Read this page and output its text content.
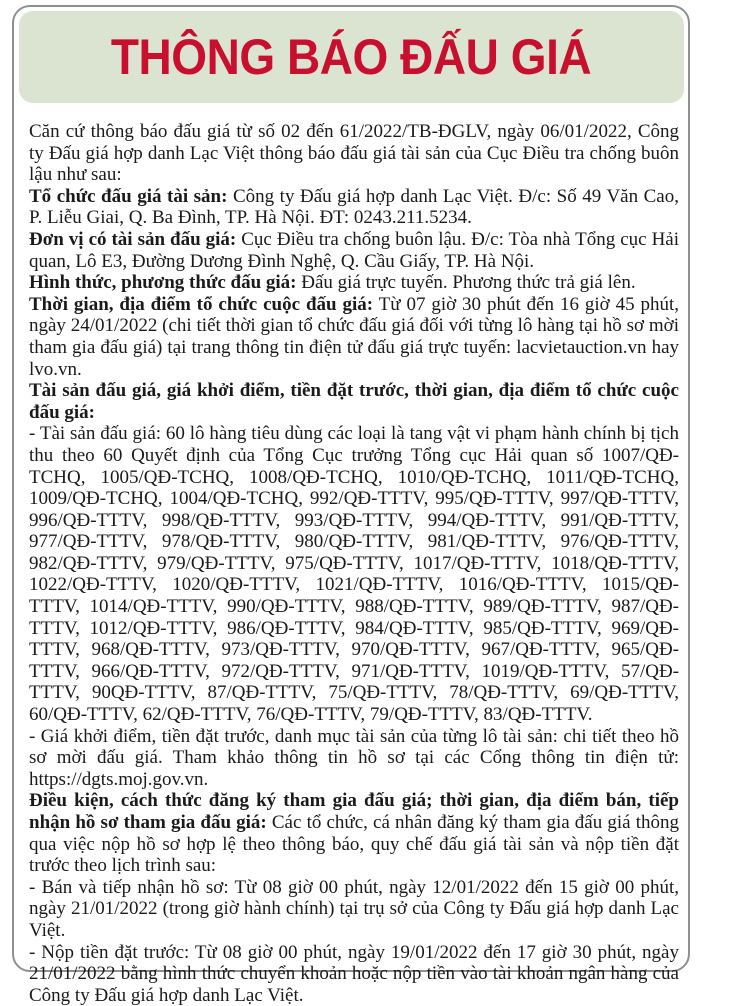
THÔNG BÁO ĐẤU GIÁ

Căn cứ thông báo đấu giá từ số 02 đến 61/2022/TB-ĐGLV, ngày 06/01/2022, Công ty Đấu giá hợp danh Lạc Việt thông báo đấu giá tài sản của Cục Điều tra chống buôn lậu như sau:

Tổ chức đấu giá tài sản: Công ty Đấu giá hợp danh Lạc Việt. Đ/c: Số 49 Văn Cao, P. Liễu Giai, Q. Ba Đình, TP. Hà Nội. ĐT: 0243.211.5234.

Đơn vị có tài sản đấu giá: Cục Điều tra chống buôn lậu. Đ/c: Tòa nhà Tổng cục Hải quan, Lô E3, Đường Dương Đình Nghệ, Q. Cầu Giấy, TP. Hà Nội.

Hình thức, phương thức đấu giá: Đấu giá trực tuyến. Phương thức trả giá lên.

Thời gian, địa điểm tổ chức cuộc đấu giá: Từ 07 giờ 30 phút đến 16 giờ 45 phút, ngày 24/01/2022 (chi tiết thời gian tổ chức đấu giá đối với từng lô hàng tại hồ sơ mời tham gia đấu giá) tại trang thông tin điện tử đấu giá trực tuyến: lacvietauction.vn hay lvo.vn.

Tài sản đấu giá, giá khởi điểm, tiền đặt trước, thời gian, địa điểm tổ chức cuộc đấu giá:

- Tài sản đấu giá: 60 lô hàng tiêu dùng các loại là tang vật vi phạm hành chính bị tịch thu theo 60 Quyết định của Tổng Cục trưởng Tổng cục Hải quan số 1007/QĐ-TCHQ, 1005/QĐ-TCHQ, 1008/QĐ-TCHQ, 1010/QĐ-TCHQ, 1011/QĐ-TCHQ, 1009/QĐ-TCHQ, 1004/QĐ-TCHQ, 992/QĐ-TTTV, 995/QĐ-TTTV, 997/QĐ-TTTV, 996/QĐ-TTTV, 998/QĐ-TTTV, 993/QĐ-TTTV, 994/QĐ-TTTV, 991/QĐ-TTTV, 977/QĐ-TTTV, 978/QĐ-TTTV, 980/QĐ-TTTV, 981/QĐ-TTTV, 976/QĐ-TTTV, 982/QĐ-TTTV, 979/QĐ-TTTV, 975/QĐ-TTTV, 1017/QĐ-TTTV, 1018/QĐ-TTTV, 1022/QĐ-TTTV, 1020/QĐ-TTTV, 1021/QĐ-TTTV, 1016/QĐ-TTTV, 1015/QĐ-TTTV, 1014/QĐ-TTTV, 990/QĐ-TTTV, 988/QĐ-TTTV, 989/QĐ-TTTV, 987/QĐ-TTTV, 1012/QĐ-TTTV, 986/QĐ-TTTV, 984/QĐ-TTTV, 985/QĐ-TTTV, 969/QĐ-TTTV, 968/QĐ-TTTV, 973/QĐ-TTTV, 970/QĐ-TTTV, 967/QĐ-TTTV, 965/QĐ-TTTV, 966/QĐ-TTTV, 972/QĐ-TTTV, 971/QĐ-TTTV, 1019/QĐ-TTTV, 57/QĐ-TTTV, 90QĐ-TTTV, 87/QĐ-TTTV, 75/QĐ-TTTV, 78/QĐ-TTTV, 69/QĐ-TTTV, 60/QĐ-TTTV, 62/QĐ-TTTV, 76/QĐ-TTTV, 79/QĐ-TTTV, 83/QĐ-TTTV.

- Giá khởi điểm, tiền đặt trước, danh mục tài sản của từng lô tài sản: chi tiết theo hồ sơ mời đấu giá. Tham khảo thông tin hồ sơ tại các Cổng thông tin điện tử: https://dgts.moj.gov.vn.

Điều kiện, cách thức đăng ký tham gia đấu giá; thời gian, địa điểm bán, tiếp nhận hồ sơ tham gia đấu giá: Các tổ chức, cá nhân đăng ký tham gia đấu giá thông qua việc nộp hồ sơ hợp lệ theo thông báo, quy chế đấu giá tài sản và nộp tiền đặt trước theo lịch trình sau:

- Bán và tiếp nhận hồ sơ: Từ 08 giờ 00 phút, ngày 12/01/2022 đến 15 giờ 00 phút, ngày 21/01/2022 (trong giờ hành chính) tại trụ sở của Công ty Đấu giá hợp danh Lạc Việt.

- Nộp tiền đặt trước: Từ 08 giờ 00 phút, ngày 19/01/2022 đến 17 giờ 30 phút, ngày 21/01/2022 bằng hình thức chuyển khoản hoặc nộp tiền vào tài khoản ngân hàng của Công ty Đấu giá hợp danh Lạc Việt.
